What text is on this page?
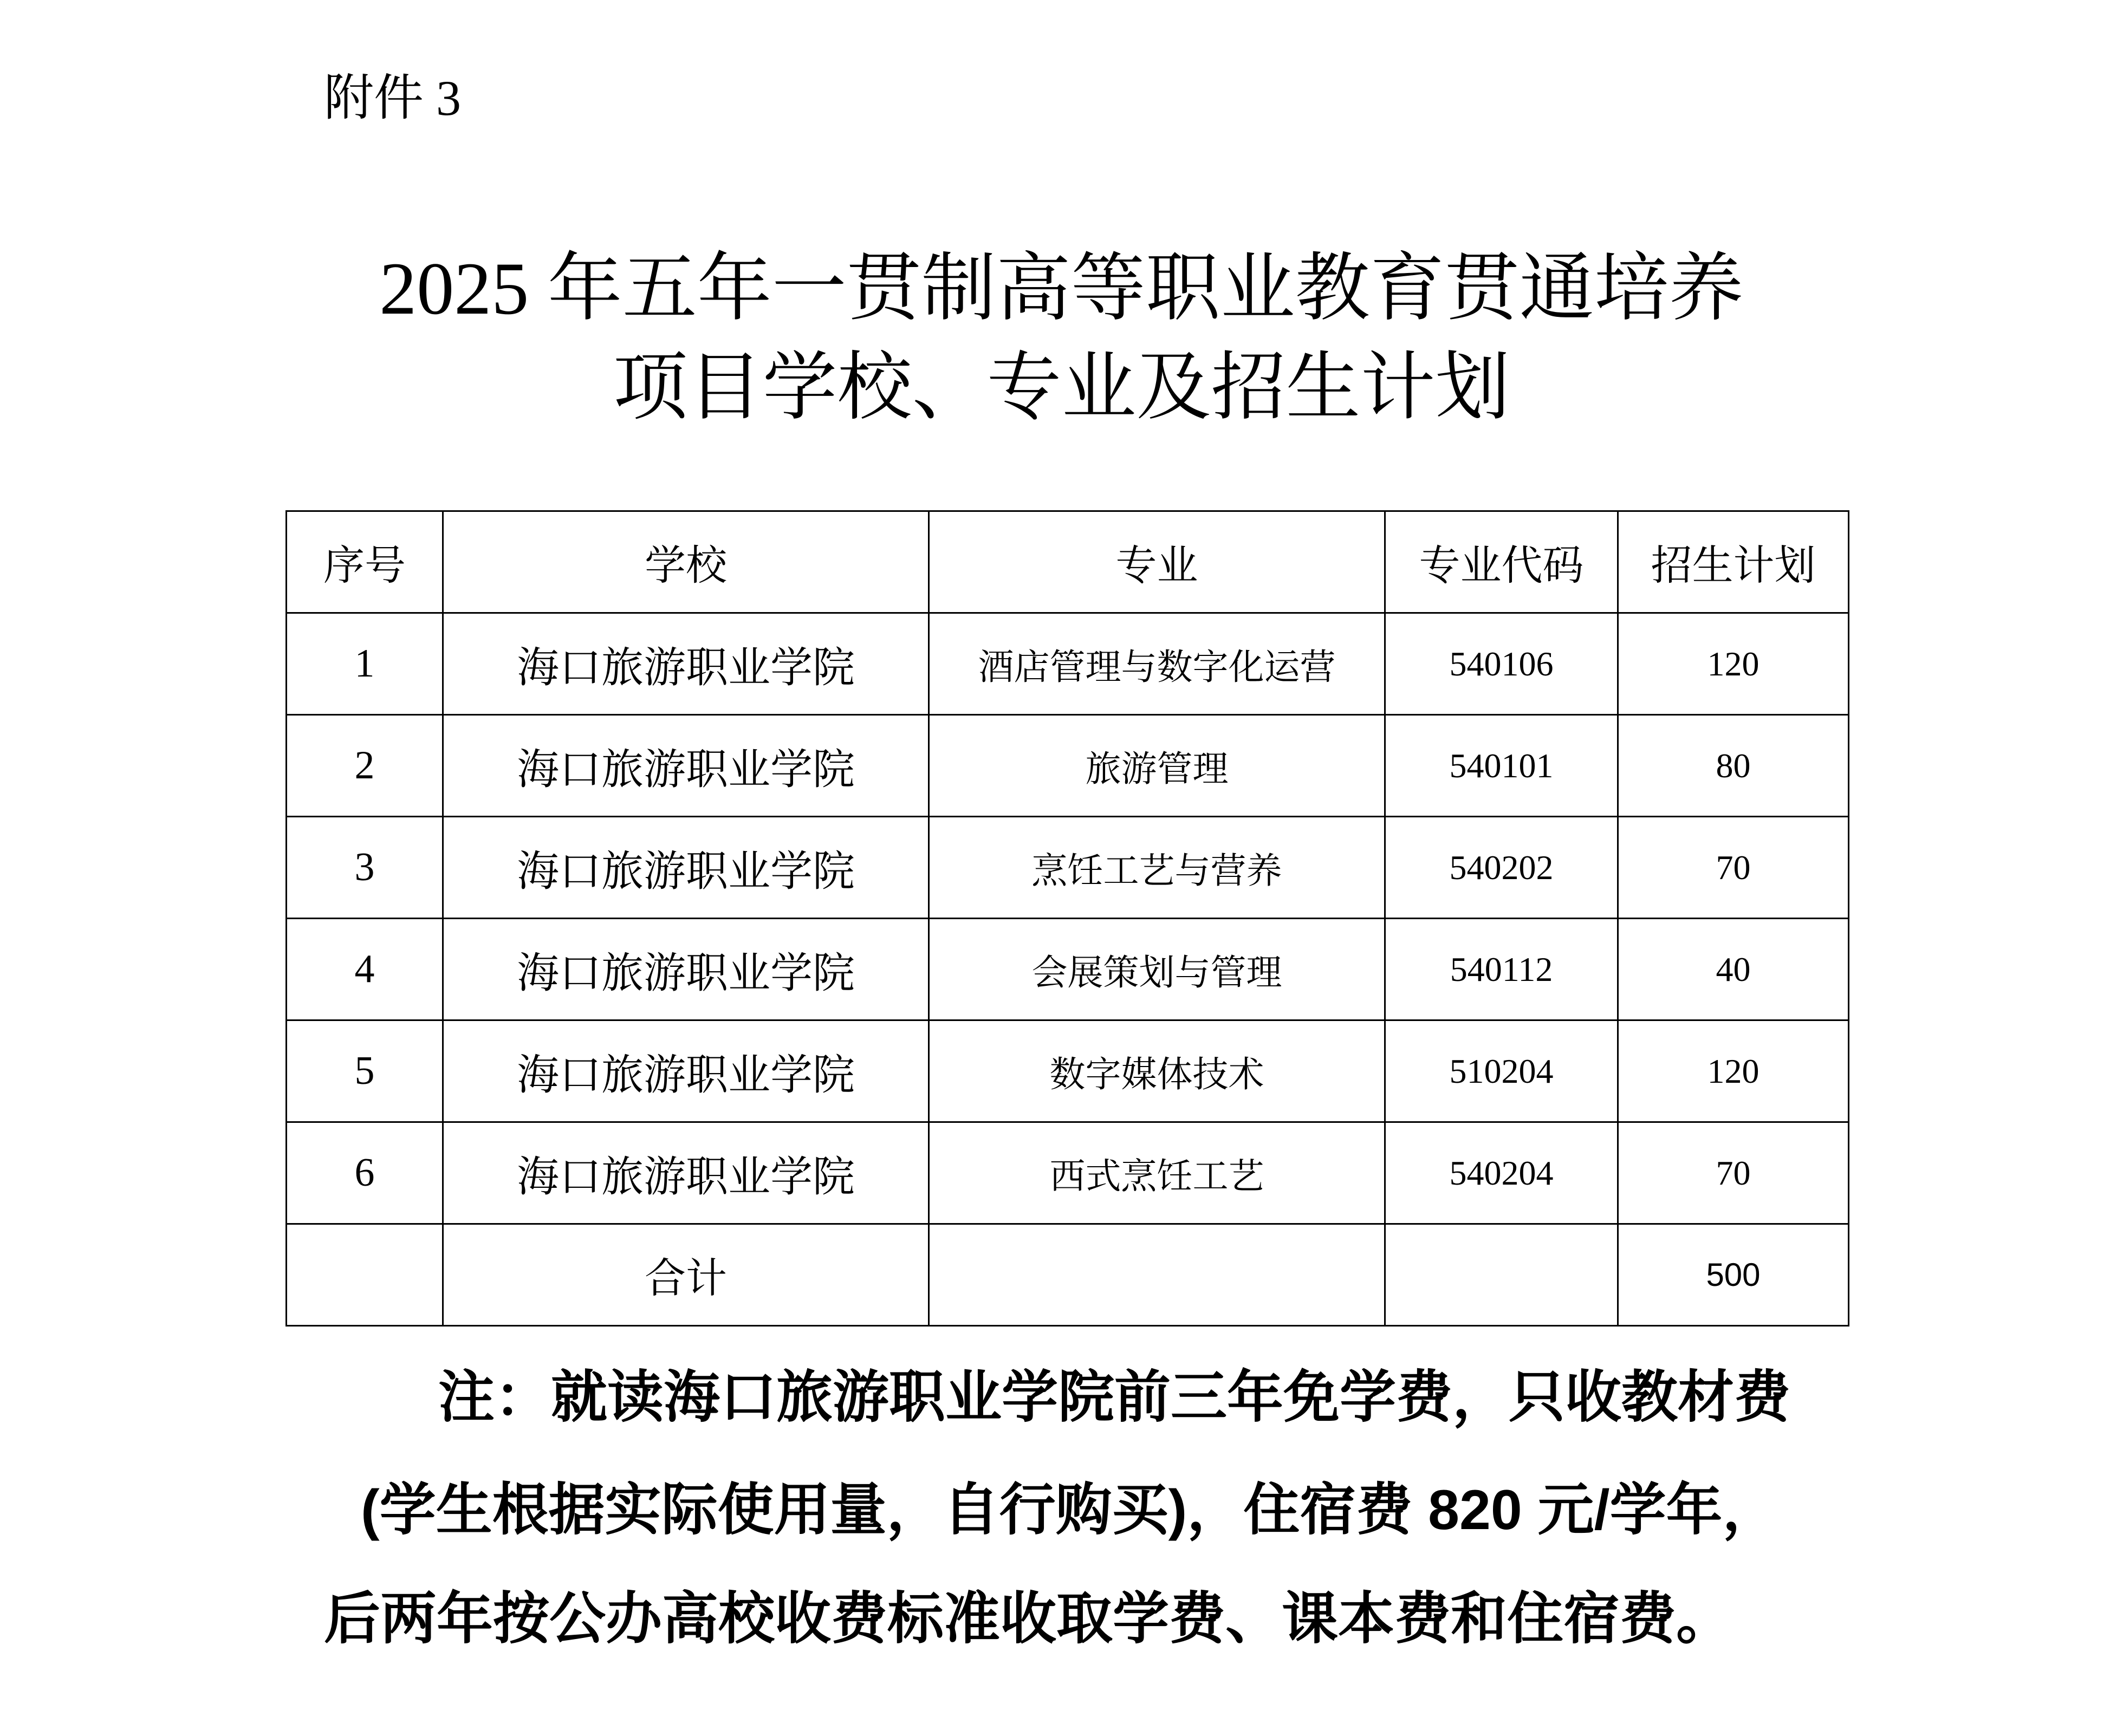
附件 3
2025 年五年一贯制高等职业教育贯通培养
项目学校、专业及招生计划
序号	学校	专业	专业代码	招生计划
1	海口旅游职业学院	酒店管理与数字化运营	540106	120
2	海口旅游职业学院	旅游管理	540101	80
3	海口旅游职业学院	烹饪工艺与营养	540202	70
4	海口旅游职业学院	会展策划与管理	540112	40
5	海口旅游职业学院	数字媒体技术	510204	120
6	海口旅游职业学院	西式烹饪工艺	540204	70
	合计			500
注：就读海口旅游职业学院前三年免学费，只收教材费
(学生根据实际使用量，自行购买)，住宿费 820 元/学年，
后两年按公办高校收费标准收取学费、课本费和住宿费。
